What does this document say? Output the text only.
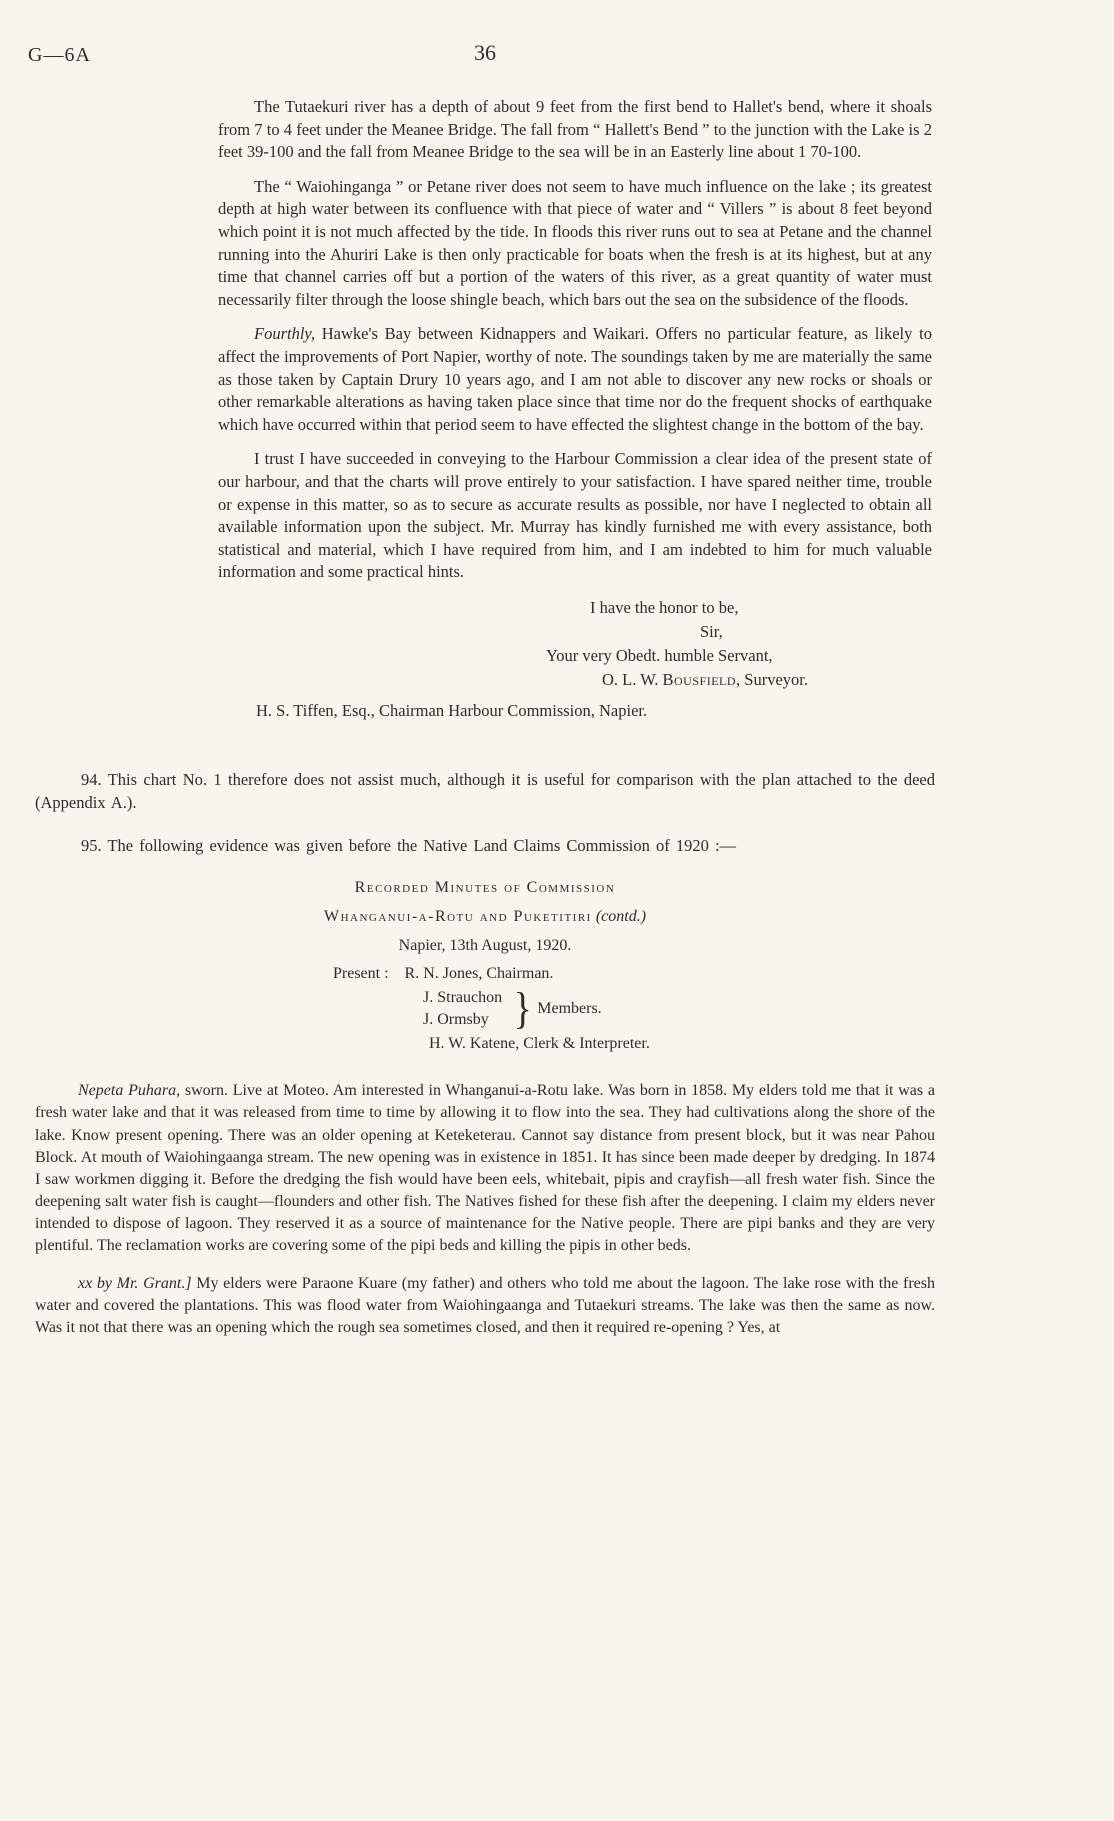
G—6A	36

The Tutaekuri river has a depth of about 9 feet from the first bend to Hallet's bend, where it shoals from 7 to 4 feet under the Meanee Bridge. The fall from “ Hallett's Bend ” to the junction with the Lake is 2 feet 39-100 and the fall from Meanee Bridge to the sea will be in an Easterly line about 1 70-100.

The “ Waiohinganga ” or Petane river does not seem to have much influence on the lake ; its greatest depth at high water between its confluence with that piece of water and “ Villers ” is about 8 feet beyond which point it is not much affected by the tide. In floods this river runs out to sea at Petane and the channel running into the Ahuriri Lake is then only practicable for boats when the fresh is at its highest, but at any time that channel carries off but a portion of the waters of this river, as a great quantity of water must necessarily filter through the loose shingle beach, which bars out the sea on the subsidence of the floods.

Fourthly, Hawke's Bay between Kidnappers and Waikari. Offers no particular feature, as likely to affect the improvements of Port Napier, worthy of note. The soundings taken by me are materially the same as those taken by Captain Drury 10 years ago, and I am not able to discover any new rocks or shoals or other remarkable alterations as having taken place since that time nor do the frequent shocks of earthquake which have occurred within that period seem to have effected the slightest change in the bottom of the bay.

I trust I have succeeded in conveying to the Harbour Commission a clear idea of the present state of our harbour, and that the charts will prove entirely to your satisfaction. I have spared neither time, trouble or expense in this matter, so as to secure as accurate results as possible, nor have I neglected to obtain all available information upon the subject. Mr. Murray has kindly furnished me with every assistance, both statistical and material, which I have required from him, and I am indebted to him for much valuable information and some practical hints.

I have the honor to be,
Sir,
Your very Obedt. humble Servant,
O. L. W. Bousfield, Surveyor.
H. S. Tiffen, Esq., Chairman Harbour Commission, Napier.

94. This chart No. 1 therefore does not assist much, although it is useful for comparison with the plan attached to the deed (Appendix A.).

95. The following evidence was given before the Native Land Claims Commission of 1920 :—

Recorded Minutes of Commission
Whanganui-a-Rotu and Puketitiri (contd.)
Napier, 13th August, 1920.
Present : R. N. Jones, Chairman.
J. Strauchon
J. Ormsby } Members.
H. W. Katene, Clerk & Interpreter.

Nepeta Puhara, sworn. Live at Moteo. Am interested in Whanganui-a-Rotu lake. Was born in 1858. My elders told me that it was a fresh water lake and that it was released from time to time by allowing it to flow into the sea. They had cultivations along the shore of the lake. Know present opening. There was an older opening at Keteketerau. Cannot say distance from present block, but it was near Pahou Block. At mouth of Waiohingaanga stream. The new opening was in existence in 1851. It has since been made deeper by dredging. In 1874 I saw workmen digging it. Before the dredging the fish would have been eels, whitebait, pipis and crayfish—all fresh water fish. Since the deepening salt water fish is caught—flounders and other fish. The Natives fished for these fish after the deepening. I claim my elders never intended to dispose of lagoon. They reserved it as a source of maintenance for the Native people. There are pipi banks and they are very plentiful. The reclamation works are covering some of the pipi beds and killing the pipis in other beds.

xx by Mr. Grant.] My elders were Paraone Kuare (my father) and others who told me about the lagoon. The lake rose with the fresh water and covered the plantations. This was flood water from Waiohingaanga and Tutaekuri streams. The lake was then the same as now. Was it not that there was an opening which the rough sea sometimes closed, and then it required re-opening ? Yes, at
